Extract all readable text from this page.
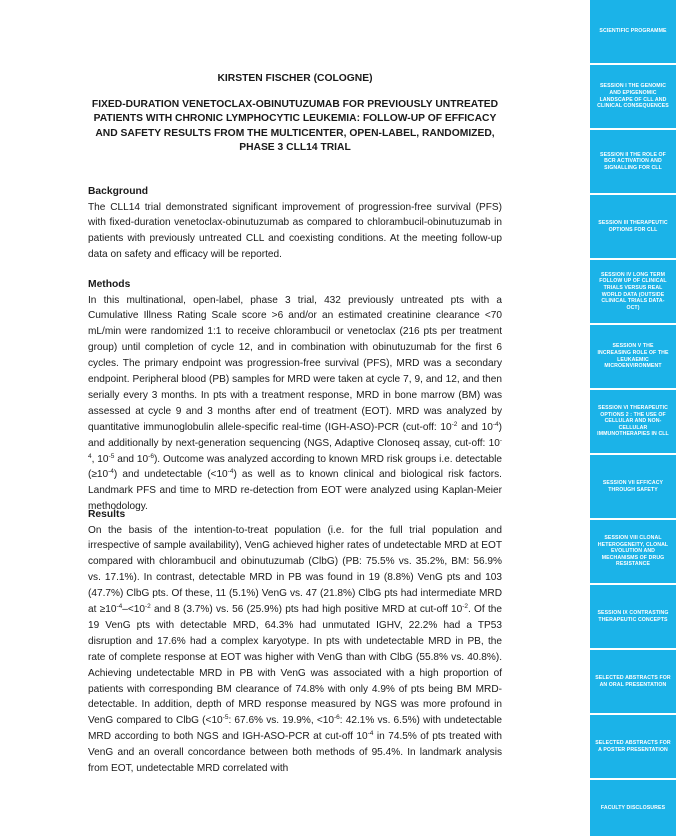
KIRSTEN FISCHER (COLOGNE)
FIXED-DURATION VENETOCLAX-OBINUTUZUMAB FOR PREVIOUSLY UNTREATED PATIENTS WITH CHRONIC LYMPHOCYTIC LEUKEMIA: FOLLOW-UP OF EFFICACY AND SAFETY RESULTS FROM THE MULTICENTER, OPEN-LABEL, RANDOMIZED, PHASE 3 CLL14 TRIAL
Background

The CLL14 trial demonstrated significant improvement of progression-free survival (PFS) with fixed-duration venetoclax-obinutuzumab as compared to chlorambucil-obinutuzumab in patients with previously untreated CLL and coexisting conditions. At the meeting follow-up data on safety and efficacy will be reported.

Methods

In this multinational, open-label, phase 3 trial, 432 previously untreated pts with a Cumulative Illness Rating Scale score >6 and/or an estimated creatinine clearance <70 mL/min were randomized 1:1 to receive chlorambucil or venetoclax (216 pts per treatment group) until completion of cycle 12, and in combination with obinutuzumab for the first 6 cycles. The primary endpoint was progression-free survival (PFS), MRD was a secondary endpoint. Peripheral blood (PB) samples for MRD were taken at cycle 7, 9, and 12, and then serially every 3 months. In pts with a treatment response, MRD in bone marrow (BM) was assessed at cycle 9 and 3 months after end of treatment (EOT). MRD was analyzed by quantitative immunoglobulin allele-specific real-time (IGH-ASO)-PCR (cut-off: $10^{-2}$ and $10^{-4}$) and additionally by next-generation sequencing (NGS, Adaptive Clonoseq assay, cut-off: $10^{-4}$, $10^{-5}$ and $10^{-6}$). Outcome was analyzed according to known MRD risk groups i.e. detectable $(\ge 10^{-4})$ and undetectable $(<10^{-4})$ as well as to known clinical and biological risk factors. Landmark PFS and time to MRD re-detection from EOT were analyzed using Kaplan-Meier methodology.

Results

On the basis of the intention-to-treat population (i.e. for the full trial population and irrespective of sample availability), VenG achieved higher rates of undetectable MRD at EOT compared with chlorambucil and obinutuzumab (ClbG) (PB: 75.5% vs. 35.2%, BM: 56.9% vs. 17.1%). In contrast, detectable MRD in PB was found in 19 (8.8%) VenG pts and 103 (47.7%) ClbG pts. Of these, 11 (5.1%) VenG vs. 47 (21.8%) ClbG pts had intermediate MRD at $\ge 10^{-4}-<10^{-2}$ and 8 (3.7%) vs. 56 (25.9%) pts had high positive MRD at cut-off $10^{-2}$. Of the 19 VenG pts with detectable MRD, 64.3% had unmutated IGHV, 22.2% had a TP53 disruption and 17.6% had a complex karyotype. In pts with undetectable MRD in PB, the rate of complete response at EOT was higher with VenG than with ClbG (55.8% vs. 40.8%). Achieving undetectable MRD in PB with VenG was associated with a high proportion of patients with corresponding BM clearance of 74.8% with only 4.9% of pts being BM MRD-detectable. In addition, depth of MRD response measured by NGS was more profound in VenG compared to ClbG ($<10^{-5}$: 67.6% vs. 19.9%, $<10^{-6}$: 42.1% vs. 6.5%) with undetectable MRD according to both NGS and IGH-ASO-PCR at cut-off $10^{-4}$ in 74.5% of pts treated with VenG and an overall concordance between both methods of 95.4%. In landmark analysis from EOT, undetectable MRD correlated with

SCIENTIFIC PROGRAMME
SESSION I THE GENOMIC AND EPIGENOMIC LANDSCAPE OF CLL AND CLINICAL CONSEQUENCES
SESSION II THE ROLE OF BCR ACTIVATION AND SIGNALLING FOR CLL
SESSION III THERAPEUTIC OPTIONS FOR CLL
SESSION IV LONG TERM FOLLOW UP OF CLINICAL TRIALS VERSUS REAL WORLD DATA (OUTSIDE CLINICAL TRIALS DATA-OCT)
SESSION V THE INCREASING ROLE OF THE LEUKAEMIC MICROENVIRONMENT
SESSION VI THERAPEUTIC OPTIONS 2 : THE USE OF CELLULAR AND NON-CELLULAR IMMUNOTHERAPIES IN CLL
SESSION VII EFFICACY THROUGH SAFETY
SESSION VIII CLONAL HETEROGENEITY, CLONAL EVOLUTION AND MECHANISMS OF DRUG RESISTANCE
SESSION IX CONTRASTING THERAPEUTIC CONCEPTS
SELECTED ABSTRACTS FOR AN ORAL PRESENTATION
SELECTED ABSTRACTS FOR A POSTER PRESENTATION
FACULTY DISCLOSURES
